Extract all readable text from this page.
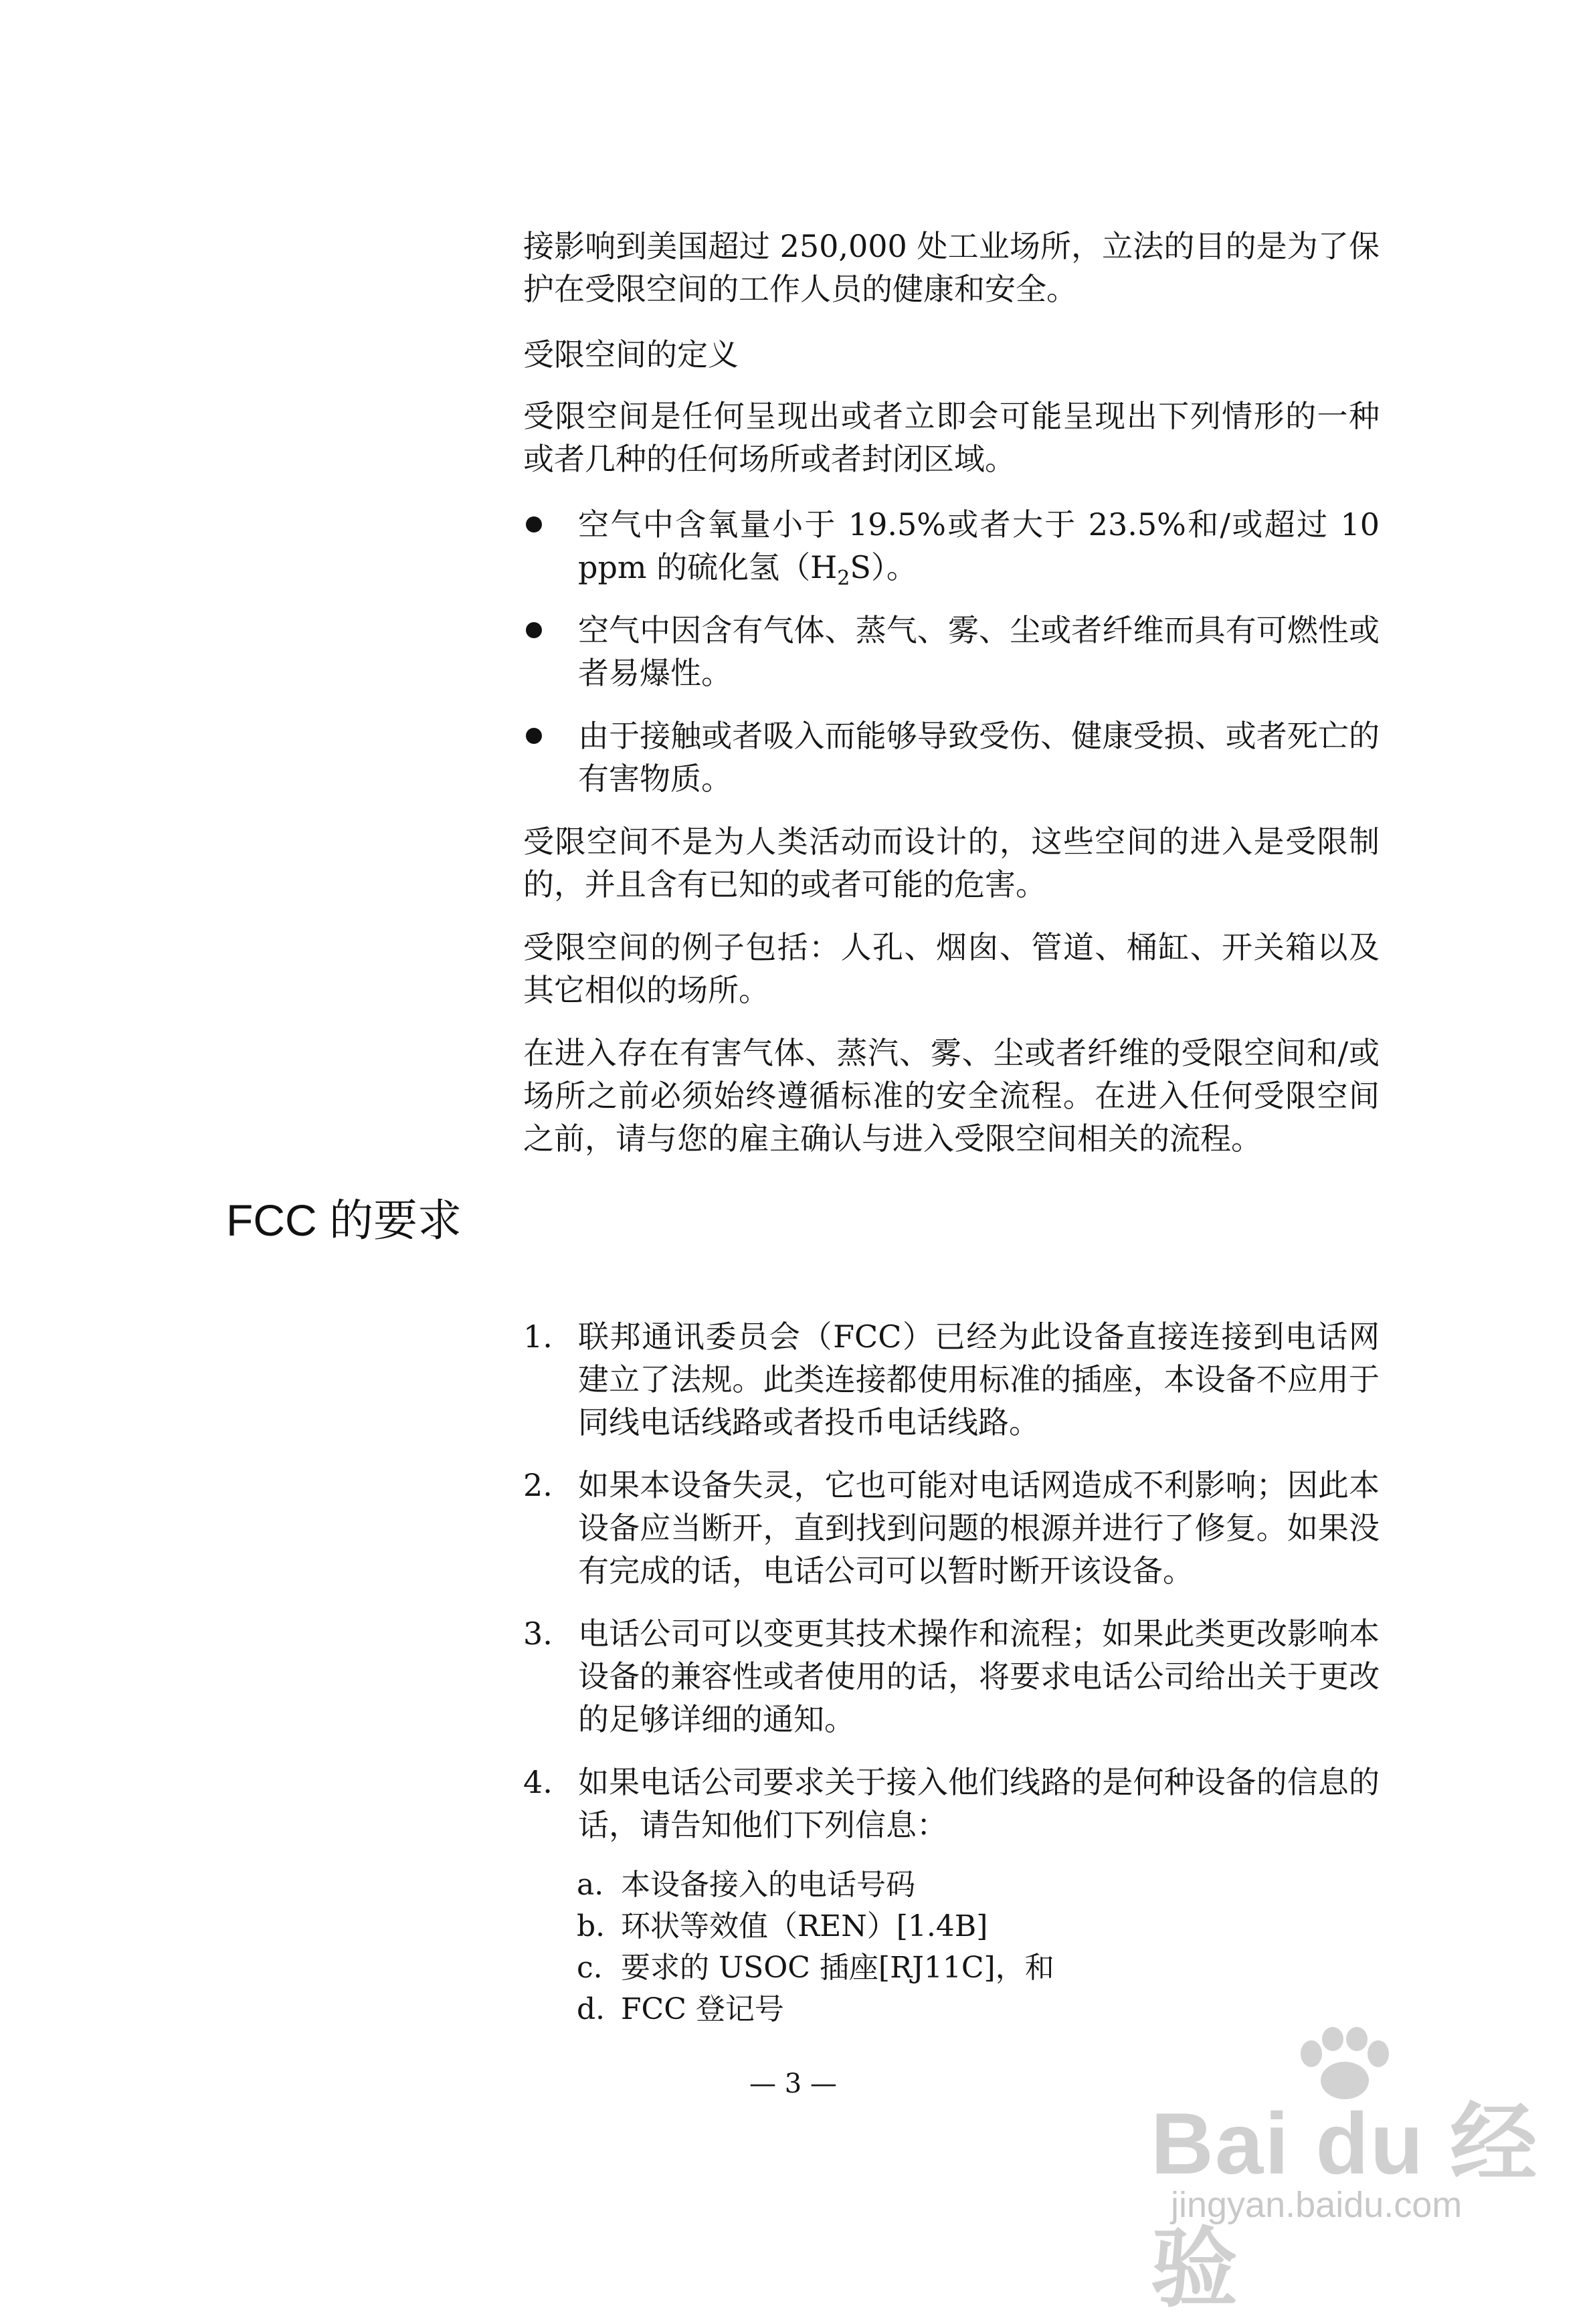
接影响到美国超过 250,000 处工业场所，立法的目的是为了保护在受限空间的工作人员的健康和安全。

受限空间的定义

受限空间是任何呈现出或者立即会可能呈现出下列情形的一种或者几种的任何场所或者封闭区域。

空气中含氧量小于 19.5%或者大于 23.5%和/或超过 10 ppm 的硫化氢$(H_2S)$。
空气中因含有气体、蒸气、雾、尘或者纤维而具有可燃性或者易爆性。
由于接触或者吸入而能够导致受伤、健康受损、或者死亡的有害物质。

受限空间不是为人类活动而设计的，这些空间的进入是受限制的，并且含有已知的或者可能的危害。

受限空间的例子包括：人孔、烟囱、管道、桶缸、开关箱以及其它相似的场所。

在进入存在有害气体、蒸汽、雾、尘或者纤维的受限空间和/或场所之前必须始终遵循标准的安全流程。在进入任何受限空间之前，请与您的雇主确认与进入受限空间相关的流程。

FCC 的要求
1. 联邦通讯委员会（FCC）已经为此设备直接连接到电话网建立了法规。此类连接都使用标准的插座，本设备不应用于同线电话线路或者投币电话线路。
2. 如果本设备失灵，它也可能对电话网造成不利影响；因此本设备应当断开，直到找到问题的根源并进行了修复。如果没有完成的话，电话公司可以暂时断开该设备。
3. 电话公司可以变更其技术操作和流程；如果此类更改影响本设备的兼容性或者使用的话，将要求电话公司给出关于更改的足够详细的通知。
4. 如果电话公司要求关于接入他们线路的是何种设备的信息的话，请告知他们下列信息：
a. 本设备接入的电话号码
b. 环状等效值（REN）[1.4B]
c. 要求的 USOC 插座[RJ11C]，和
d. FCC 登记号
— 3 —
Bai du 经验
jingyan.baidu.com
